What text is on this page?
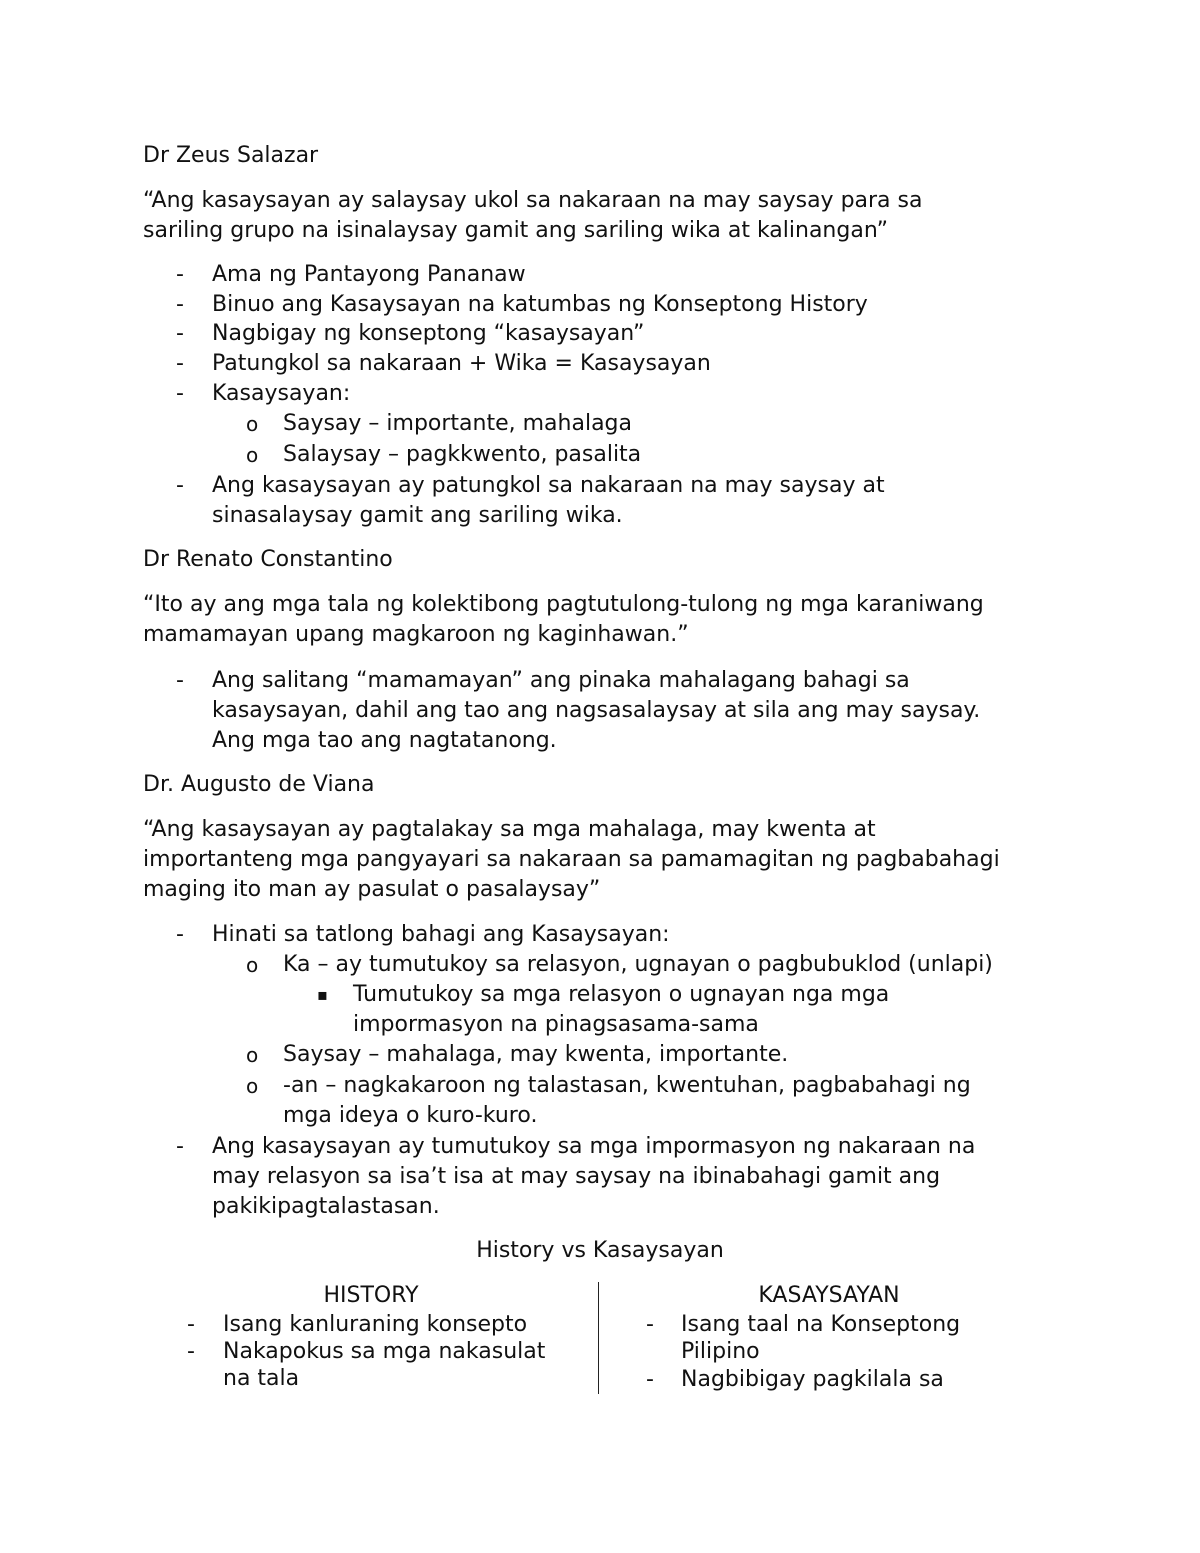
Dr Zeus Salazar
“Ang kasaysayan ay salaysay ukol sa nakaraan na may saysay para sa
sariling grupo na isinalaysay gamit ang sariling wika at kalinangan”
- Ama ng Pantayong Pananaw
- Binuo ang Kasaysayan na katumbas ng Konseptong History
- Nagbigay ng konseptong “kasaysayan”
- Patungkol sa nakaraan + Wika = Kasaysayan
- Kasaysayan:
o Saysay – importante, mahalaga
o Salaysay – pagkkwento, pasalita
- Ang kasaysayan ay patungkol sa nakaraan na may saysay at
sinasalaysay gamit ang sariling wika.
Dr Renato Constantino
“Ito ay ang mga tala ng kolektibong pagtutulong-tulong ng mga karaniwang
mamamayan upang magkaroon ng kaginhawan.”
- Ang salitang “mamamayan” ang pinaka mahalagang bahagi sa
kasaysayan, dahil ang tao ang nagsasalaysay at sila ang may saysay.
Ang mga tao ang nagtatanong.
Dr. Augusto de Viana
“Ang kasaysayan ay pagtalakay sa mga mahalaga, may kwenta at
importanteng mga pangyayari sa nakaraan sa pamamagitan ng pagbabahagi
maging ito man ay pasulat o pasalaysay”
- Hinati sa tatlong bahagi ang Kasaysayan:
o Ka – ay tumutukoy sa relasyon, ugnayan o pagbubuklod (unlapi)
▪ Tumutukoy sa mga relasyon o ugnayan nga mga
impormasyon na pinagsasama-sama
o Saysay – mahalaga, may kwenta, importante.
o -an – nagkakaroon ng talastasan, kwentuhan, pagbabahagi ng
mga ideya o kuro-kuro.
- Ang kasaysayan ay tumutukoy sa mga impormasyon ng nakaraan na
may relasyon sa isa’t isa at may saysay na ibinabahagi gamit ang
pakikipagtalastasan.
History vs Kasaysayan
HISTORY
- Isang kanluraning konsepto
- Nakapokus sa mga nakasulat
na tala
KASAYSAYAN
- Isang taal na Konseptong
Pilipino
- Nagbibigay pagkilala sa
